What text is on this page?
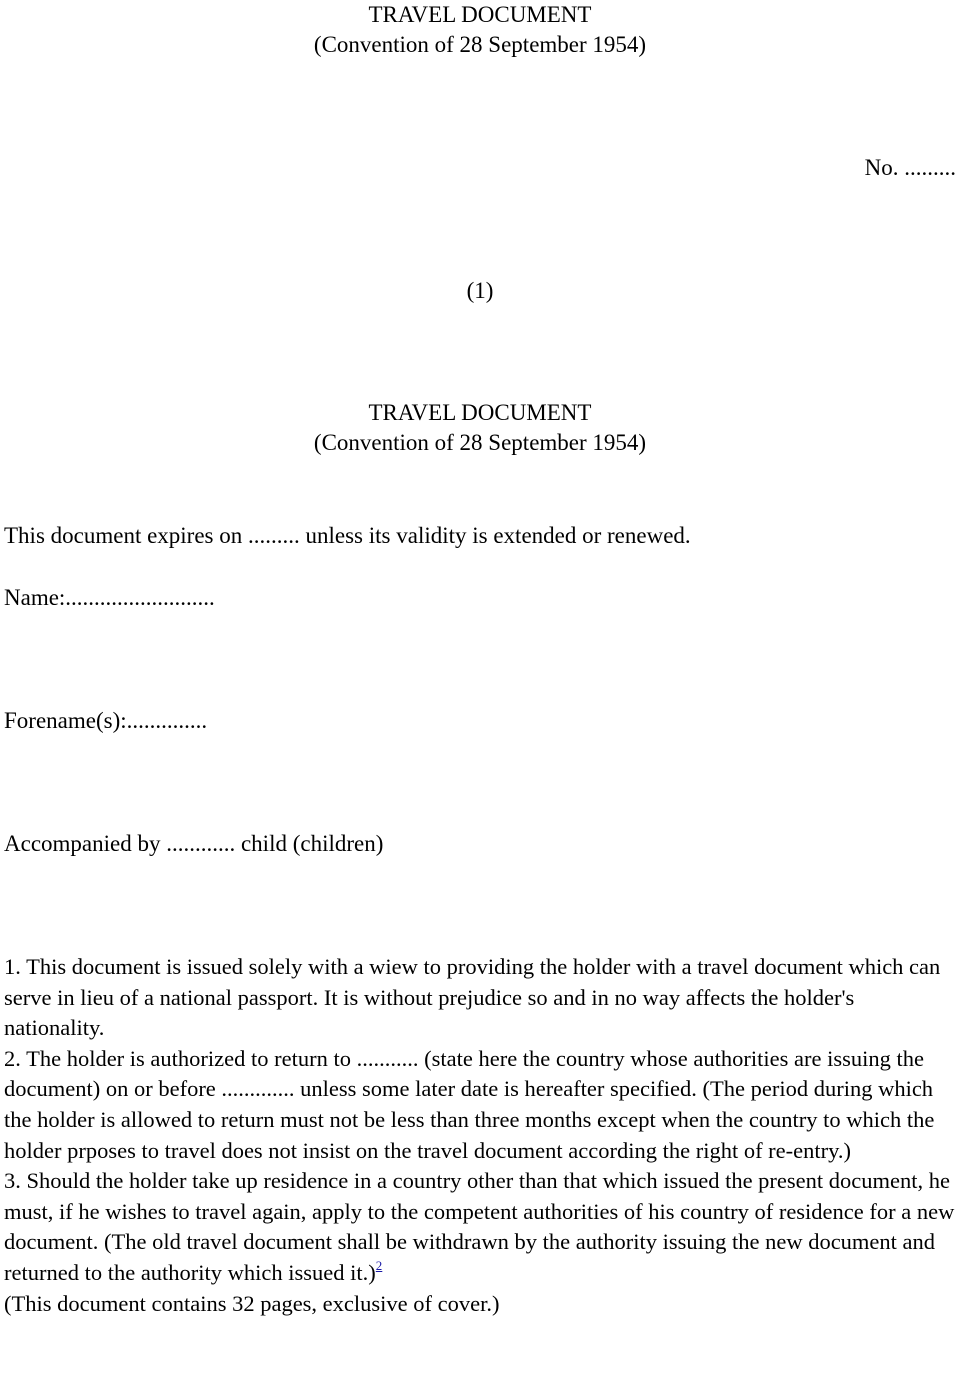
TRAVEL DOCUMENT
(Convention of 28 September 1954)
No. .........
(1)
TRAVEL DOCUMENT
(Convention of 28 September 1954)
This document expires on ......... unless its validity is extended or renewed.
Name:..........................
Forename(s):..............
Accompanied by ............ child (children)

1. This document is issued solely with a wiew to providing the holder with a travel document which can serve in lieu of a national passport. It is without prejudice so and in no way affects the holder's nationality.

2. The holder is authorized to return to ........... (state here the country whose authorities are issuing the document) on or before ............. unless some later date is hereafter specified. (The period during which the holder is allowed to return must not be less than three months except when the country to which the holder prposes to travel does not insist on the travel document according the right of re-entry.)

3. Should the holder take up residence in a country other than that which issued the present document, he must, if he wishes to travel again, apply to the competent authorities of his country of residence for a new document. (The old travel document shall be withdrawn by the authority issuing the new document and returned to the authority which issued it.)$^2$

(This document contains 32 pages, exclusive of cover.)
